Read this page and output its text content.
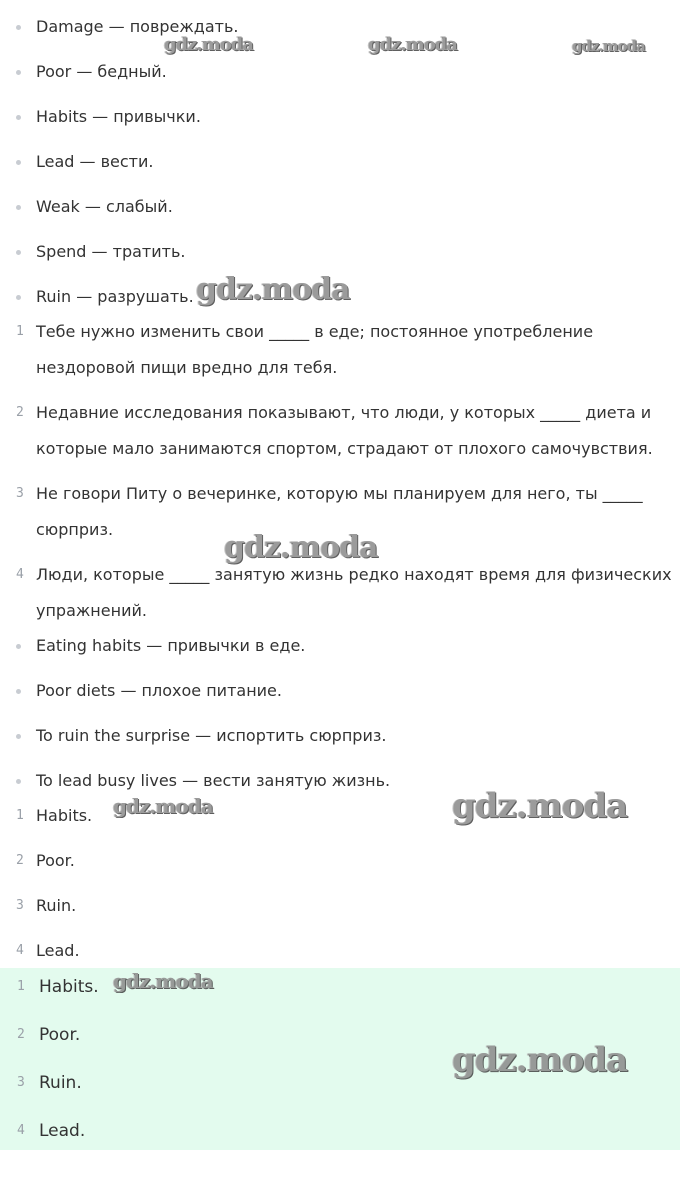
Damage — повреждать.
Poor — бедный.
Habits — привычки.
Lead — вести.
Weak — слабый.
Spend — тратить.
Ruin — разрушать.
1 Тебе нужно изменить свои _____ в еде; постоянное употребление нездоровой пищи вредно для тебя.
2 Недавние исследования показывают, что люди, у которых _____ диета и которые мало занимаются спортом, страдают от плохого самочувствия.
3 Не говори Питу о вечеринке, которую мы планируем для него, ты _____ сюрприз.
4 Люди, которые _____ занятую жизнь редко находят время для физических упражнений.
Eating habits — привычки в еде.
Poor diets — плохое питание.
To ruin the surprise — испортить сюрприз.
To lead busy lives — вести занятую жизнь.
1 Habits.
2 Poor.
3 Ruin.
4 Lead.
1 Habits.
2 Poor.
3 Ruin.
4 Lead.
gdz.moda	gdz.moda	gdz.moda
gdz.moda
gdz.moda
gdz.moda	gdz.moda
gdz.moda
gdz.moda
